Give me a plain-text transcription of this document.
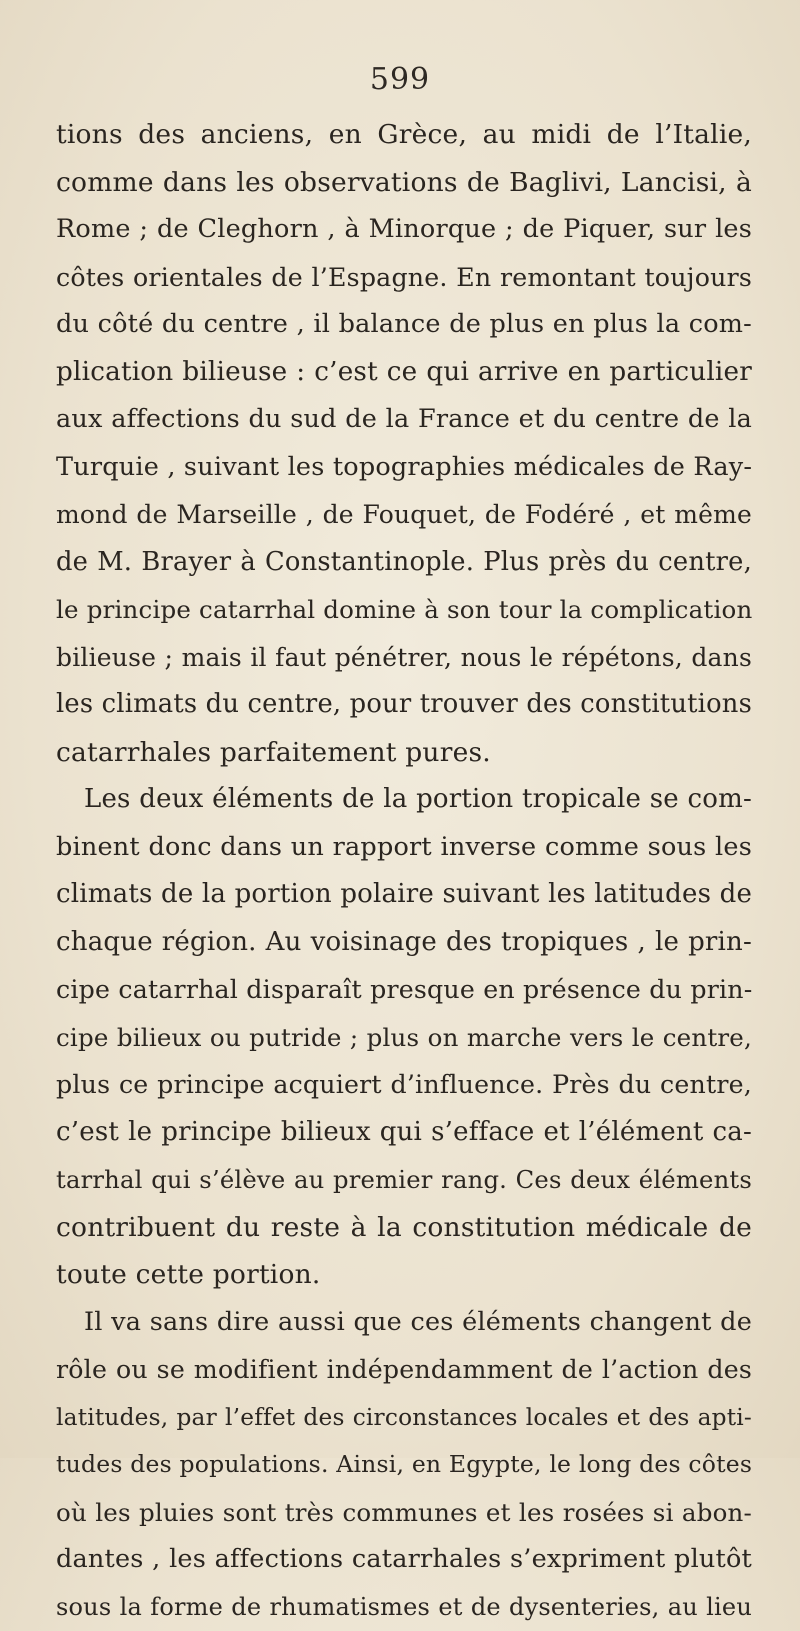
599
tions des anciens, en Grèce, au midi de l’Italie,
comme dans les observations de Baglivi, Lancisi, à
Rome ; de Cleghorn , à Minorque ; de Piquer, sur les
côtes orientales de l’Espagne. En remontant toujours
du côté du centre , il balance de plus en plus la com-
plication bilieuse : c’est ce qui arrive en particulier
aux affections du sud de la France et du centre de la
Turquie , suivant les topographies médicales de Ray-
mond de Marseille , de Fouquet, de Fodéré , et même
de M. Brayer à Constantinople. Plus près du centre,
le principe catarrhal domine à son tour la complication
bilieuse ; mais il faut pénétrer, nous le répétons, dans
les climats du centre, pour trouver des constitutions
catarrhales parfaitement pures.
Les deux éléments de la portion tropicale se com-
binent donc dans un rapport inverse comme sous les
climats de la portion polaire suivant les latitudes de
chaque région. Au voisinage des tropiques , le prin-
cipe catarrhal disparaît presque en présence du prin-
cipe bilieux ou putride ; plus on marche vers le centre,
plus ce principe acquiert d’influence. Près du centre,
c’est le principe bilieux qui s’efface et l’élément ca-
tarrhal qui s’élève au premier rang. Ces deux éléments
contribuent du reste à la constitution médicale de
toute cette portion.
Il va sans dire aussi que ces éléments changent de
rôle ou se modifient indépendamment de l’action des
latitudes, par l’effet des circonstances locales et des apti-
tudes des populations. Ainsi, en Egypte, le long des côtes
où les pluies sont très communes et les rosées si abon-
dantes , les affections catarrhales s’expriment plutôt
sous la forme de rhumatismes et de dysenteries, au lieu
